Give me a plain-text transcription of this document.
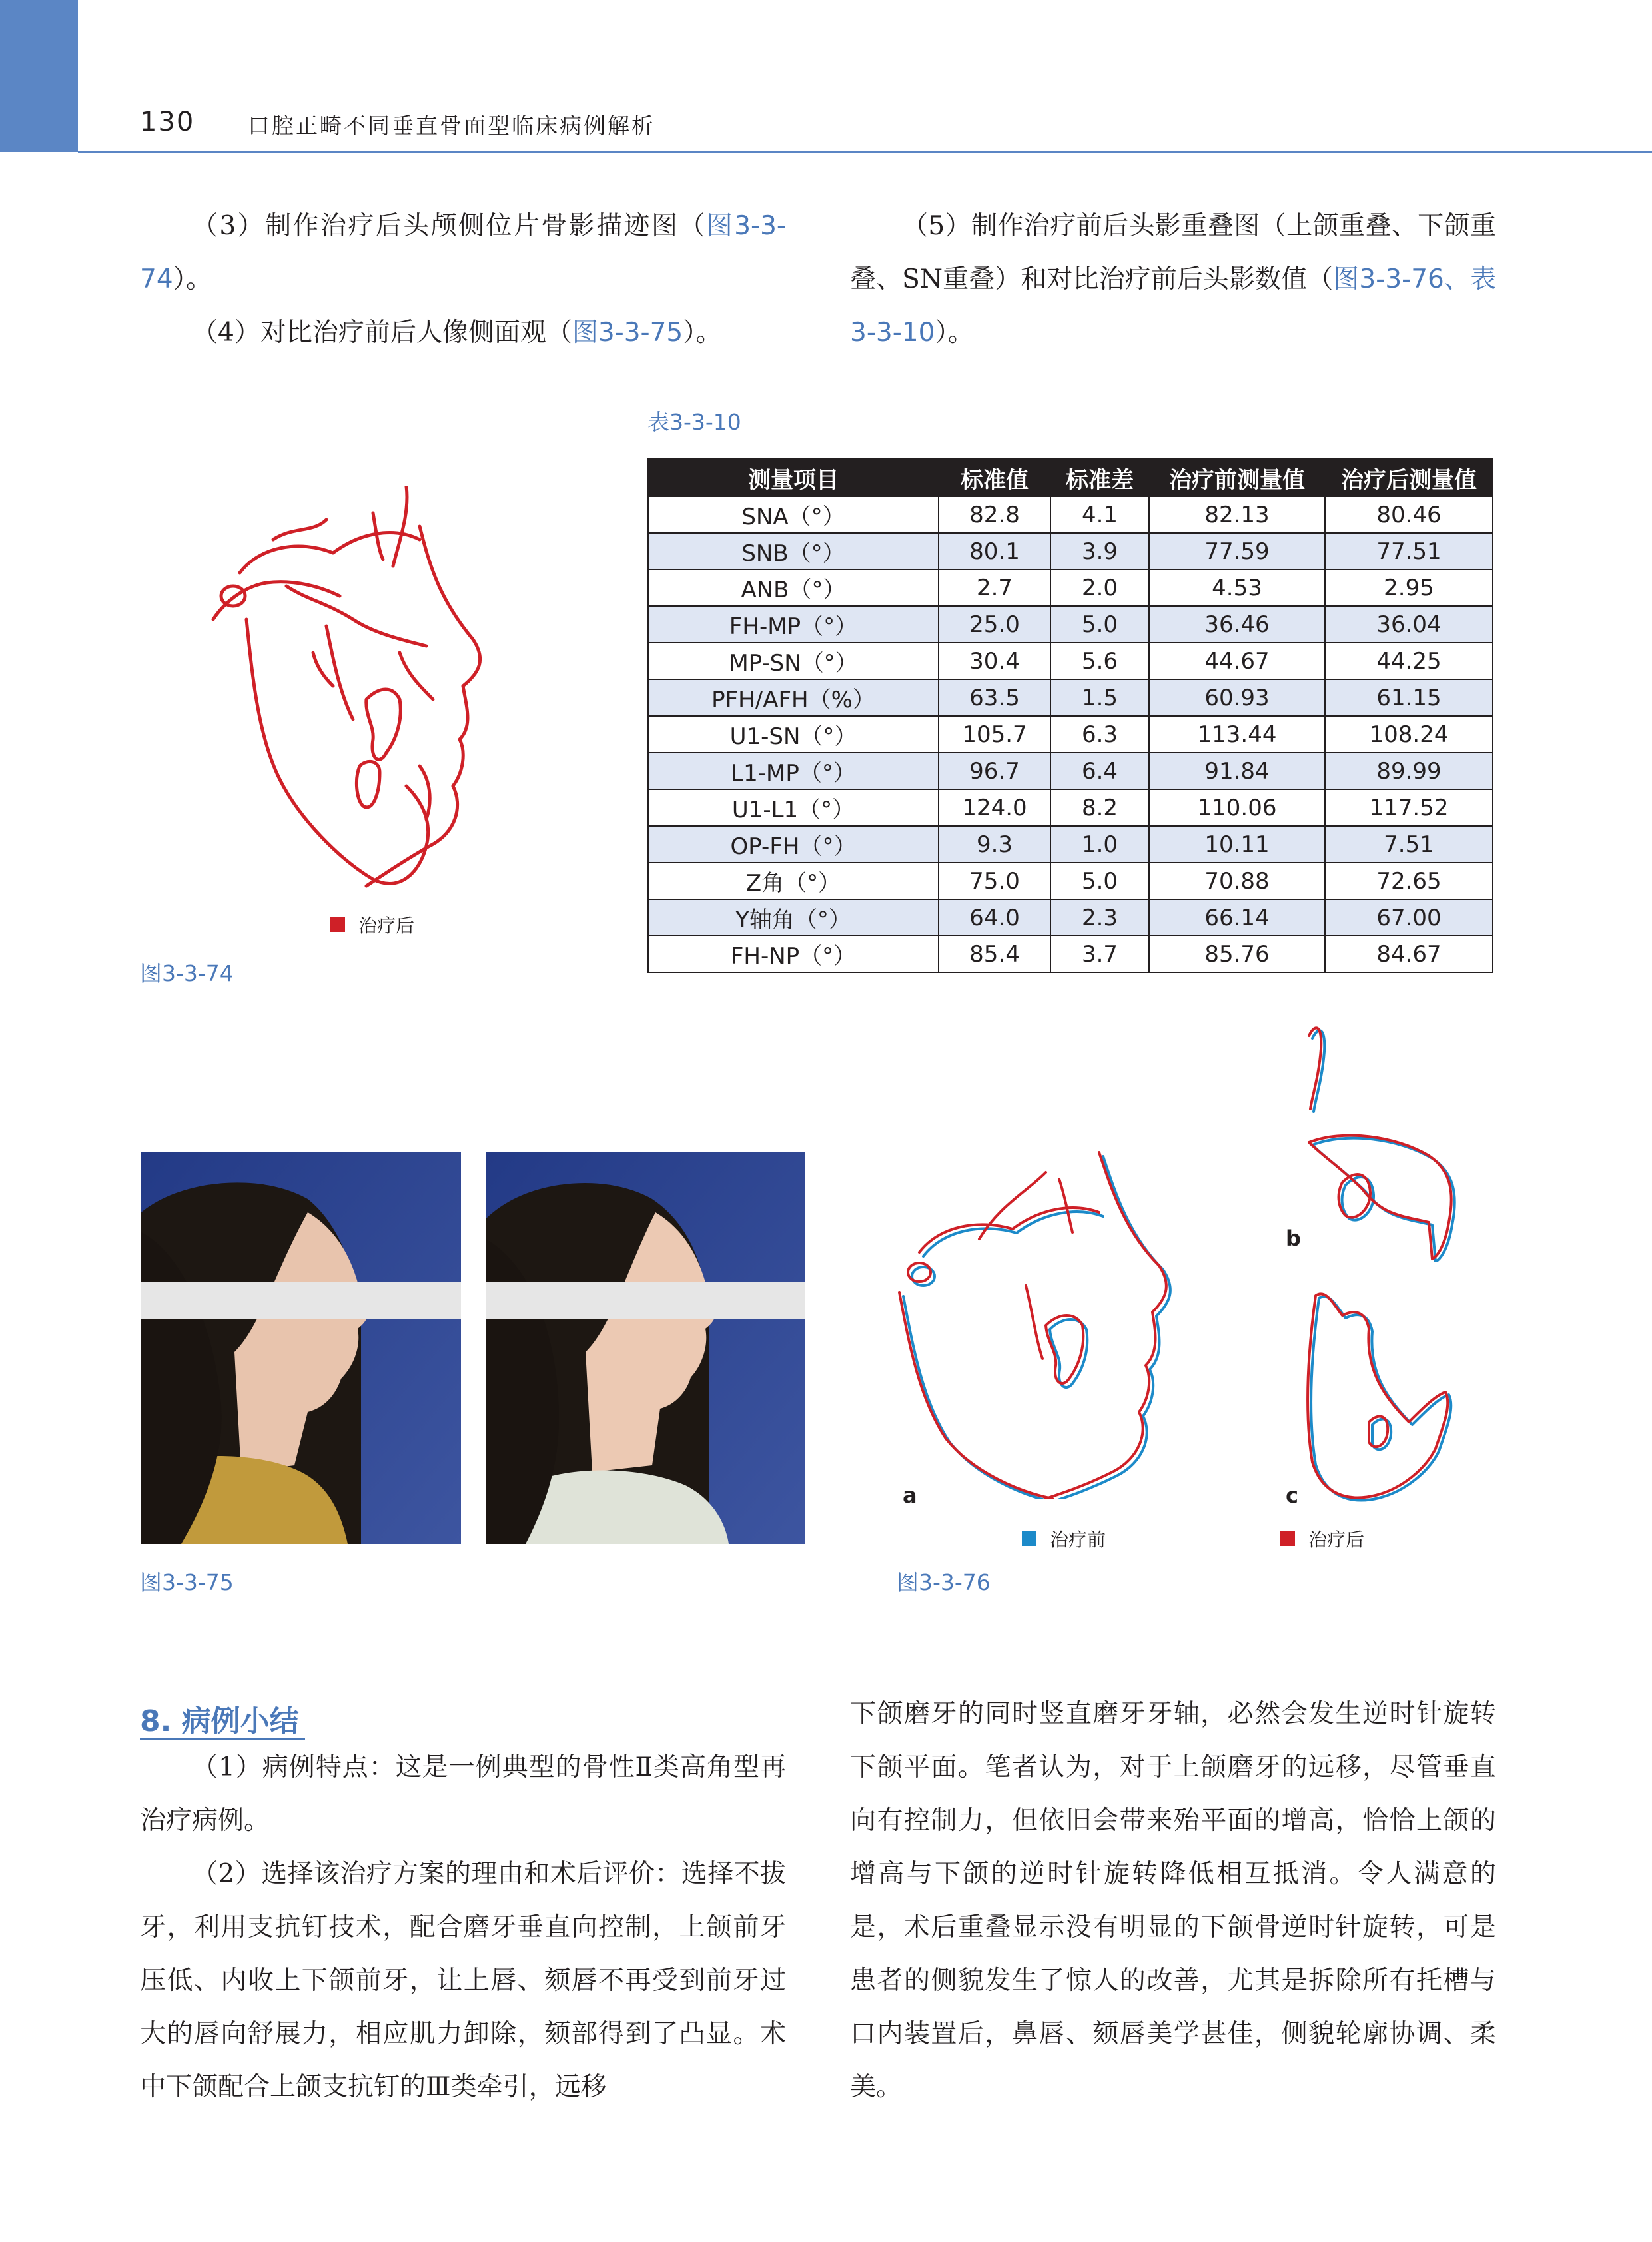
130 口腔正畸不同垂直骨面型临床病例解析

（3）制作治疗后头颅侧位片骨影描迹图（图3-3-74）。

（4）对比治疗前后人像侧面观（图3-3-75）。

（5）制作治疗前后头影重叠图（上颌重叠、下颌重叠、SN重叠）和对比治疗前后头影数值（图3-3-76、表3-3-10）。

治疗后
图3-3-74
表3-3-10
测量项目	标准值	标准差	治疗前测量值	治疗后测量值
SNA（°）	82.8	4.1	82.13	80.46
SNB（°）	80.1	3.9	77.59	77.51
ANB（°）	2.7	2.0	4.53	2.95
FH-MP（°）	25.0	5.0	36.46	36.04
MP-SN（°）	30.4	5.6	44.67	44.25
PFH/AFH（%）	63.5	1.5	60.93	61.15
U1-SN（°）	105.7	6.3	113.44	108.24
L1-MP（°）	96.7	6.4	91.84	89.99
U1-L1（°）	124.0	8.2	110.06	117.52
OP-FH（°）	9.3	1.0	10.11	7.51
Z角（°）	75.0	5.0	70.88	72.65
Y轴角（°）	64.0	2.3	66.14	67.00
FH-NP（°）	85.4	3.7	85.76	84.67
图3-3-75
a
b
c
治疗前	治疗后
图3-3-76
8. 病例小结

（1）病例特点：这是一例典型的骨性Ⅱ类高角型再治疗病例。

（2）选择该治疗方案的理由和术后评价：选择不拔牙，利用支抗钉技术，配合磨牙垂直向控制，上颌前牙压低、内收上下颌前牙，让上唇、颏唇不再受到前牙过大的唇向舒展力，相应肌力卸除，颏部得到了凸显。术中下颌配合上颌支抗钉的Ⅲ类牵引，远移

下颌磨牙的同时竖直磨牙牙轴，必然会发生逆时针旋转下颌平面。笔者认为，对于上颌磨牙的远移，尽管垂直向有控制力，但依旧会带来殆平面的增高，恰恰上颌的增高与下颌的逆时针旋转降低相互抵消。令人满意的是，术后重叠显示没有明显的下颌骨逆时针旋转，可是患者的侧貌发生了惊人的改善，尤其是拆除所有托槽与口内装置后，鼻唇、颏唇美学甚佳，侧貌轮廓协调、柔美。
